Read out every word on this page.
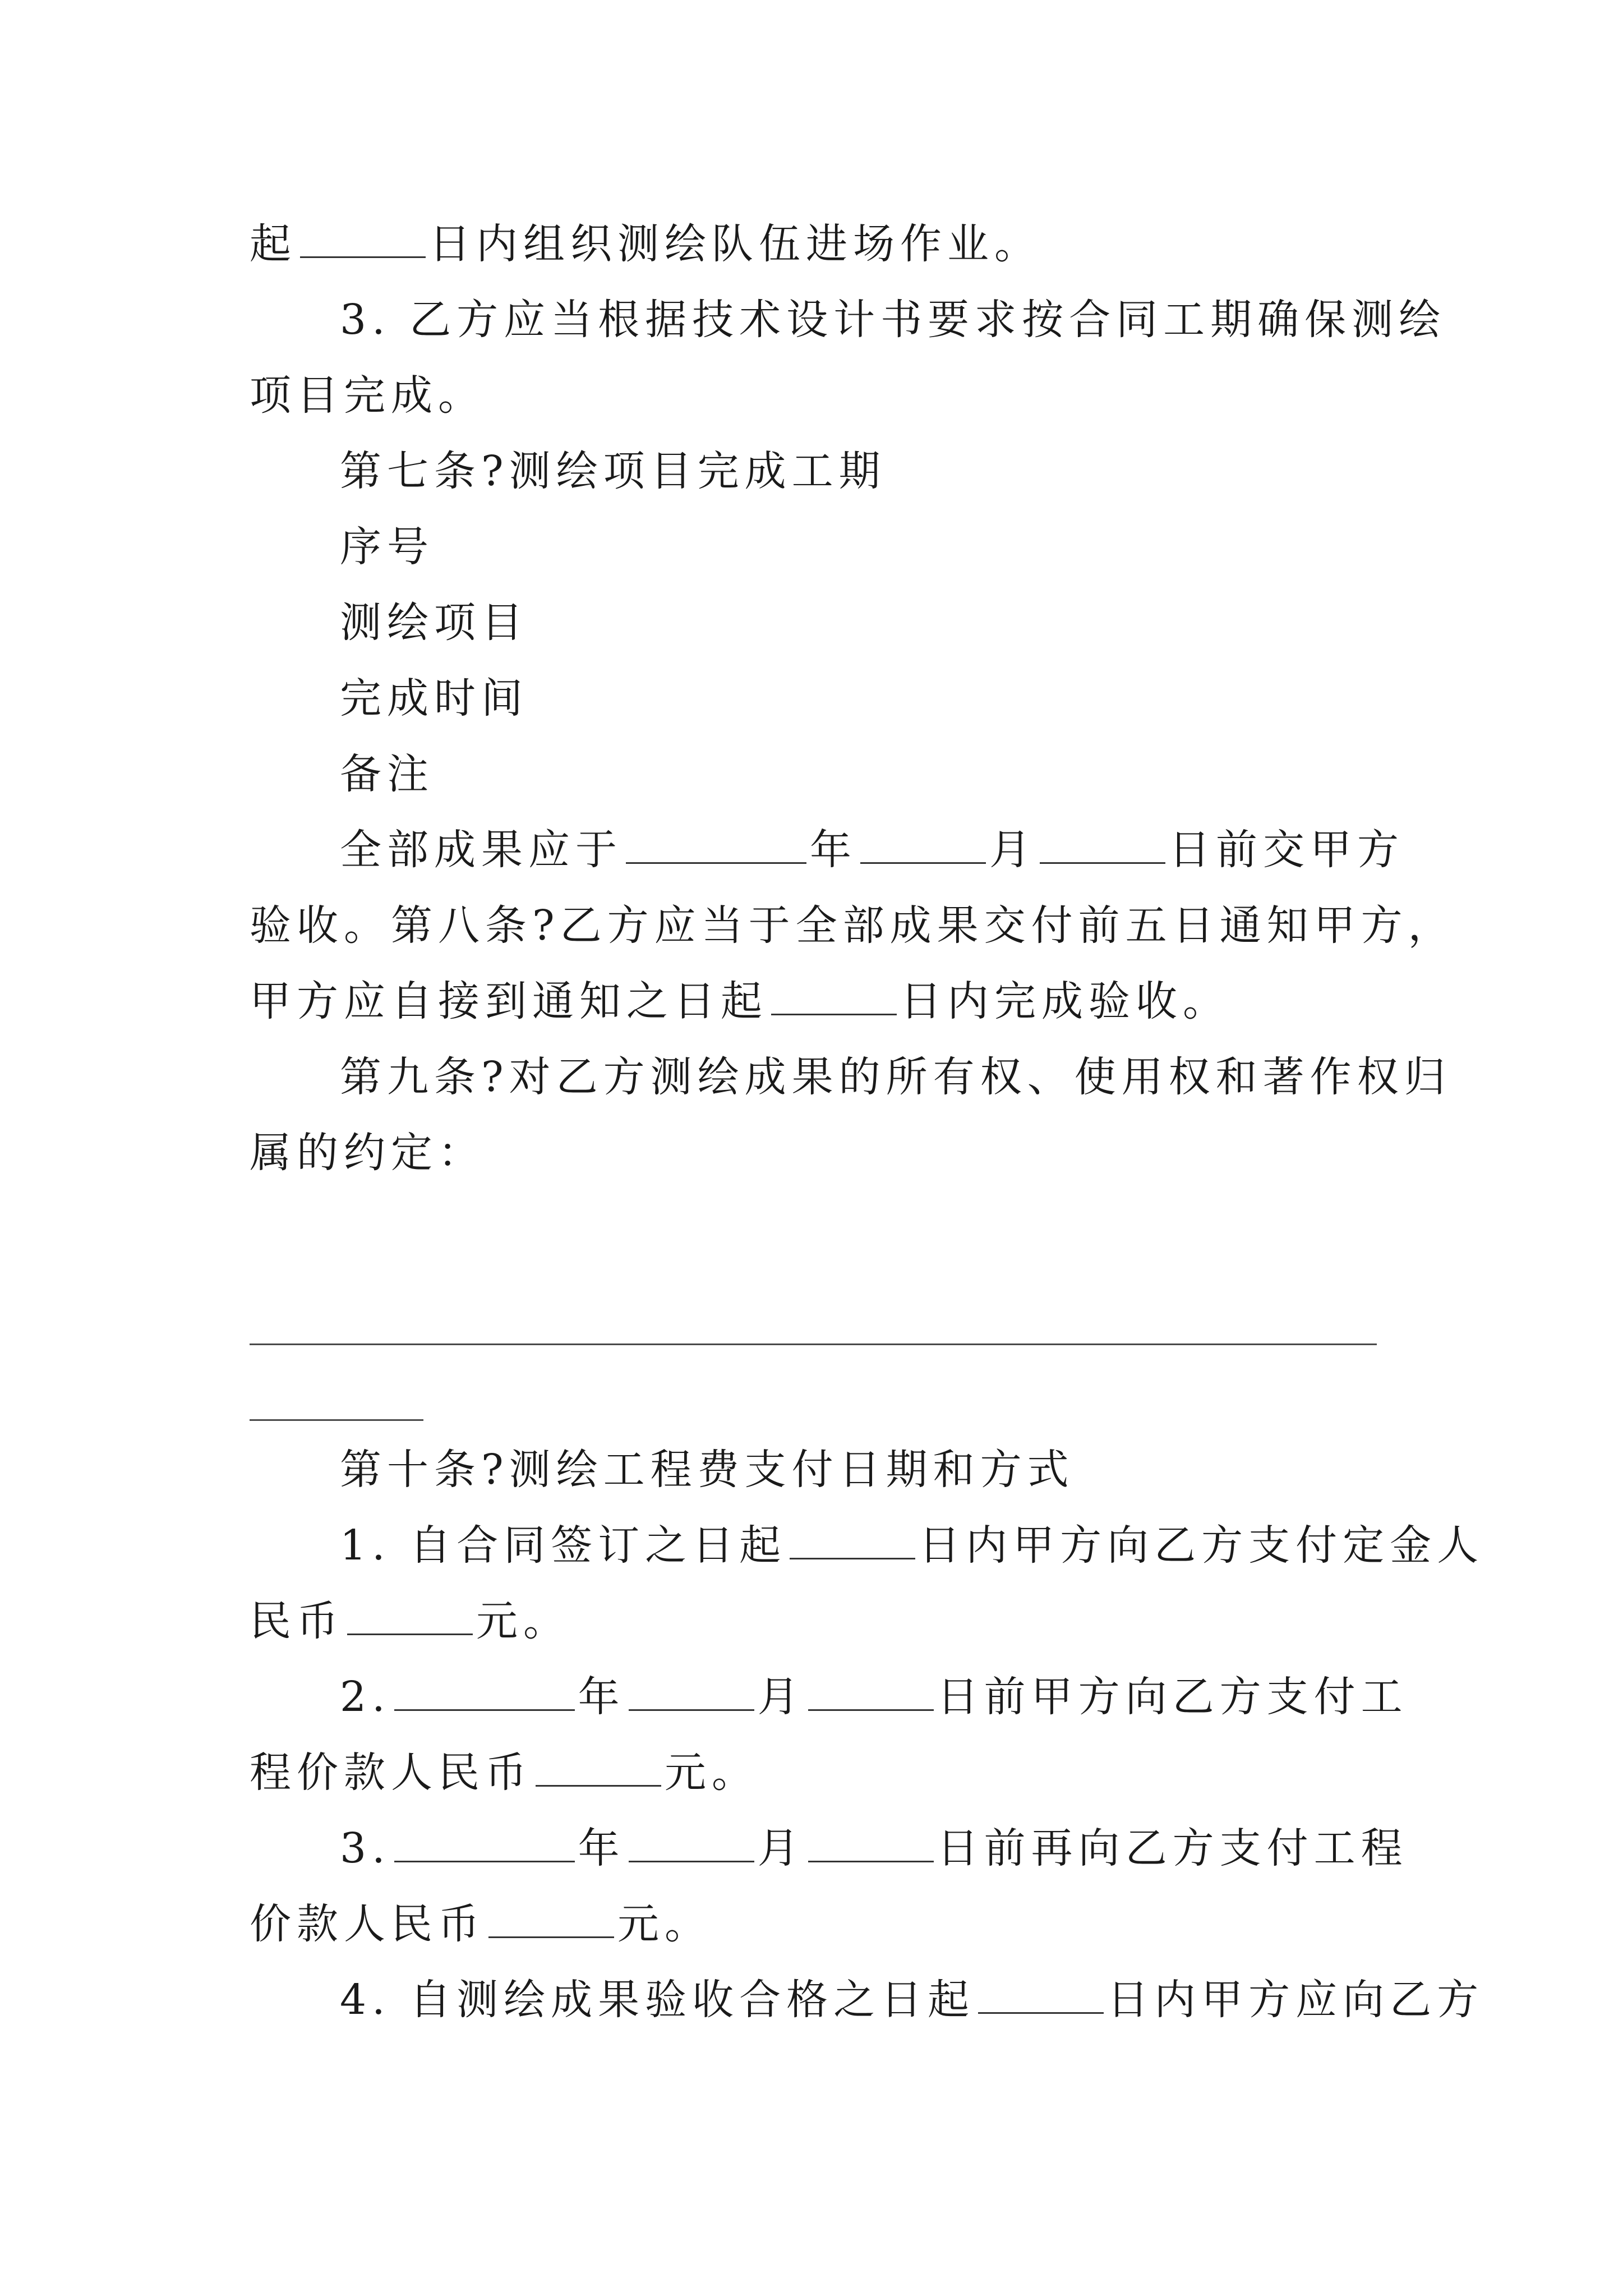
起	日内组织测绘队伍进场作业。
3. 乙方应当根据技术设计书要求按合同工期确保测绘
项目完成。
第七条?测绘项目完成工期
序号
测绘项目
完成时间
备注
全部成果应于	年	月	日前交甲方
验收。第八条?乙方应当于全部成果交付前五日通知甲方，
甲方应自接到通知之日起	日内完成验收。
第九条?对乙方测绘成果的所有权、使用权和著作权归
属的约定：
第十条?测绘工程费支付日期和方式
1. 自合同签订之日起	日内甲方向乙方支付定金人
民币	元。
2.	年	月	日前甲方向乙方支付工
程价款人民币	元。
3.	年	月	日前再向乙方支付工程
价款人民币	元。
4. 自测绘成果验收合格之日起	日内甲方应向乙方
